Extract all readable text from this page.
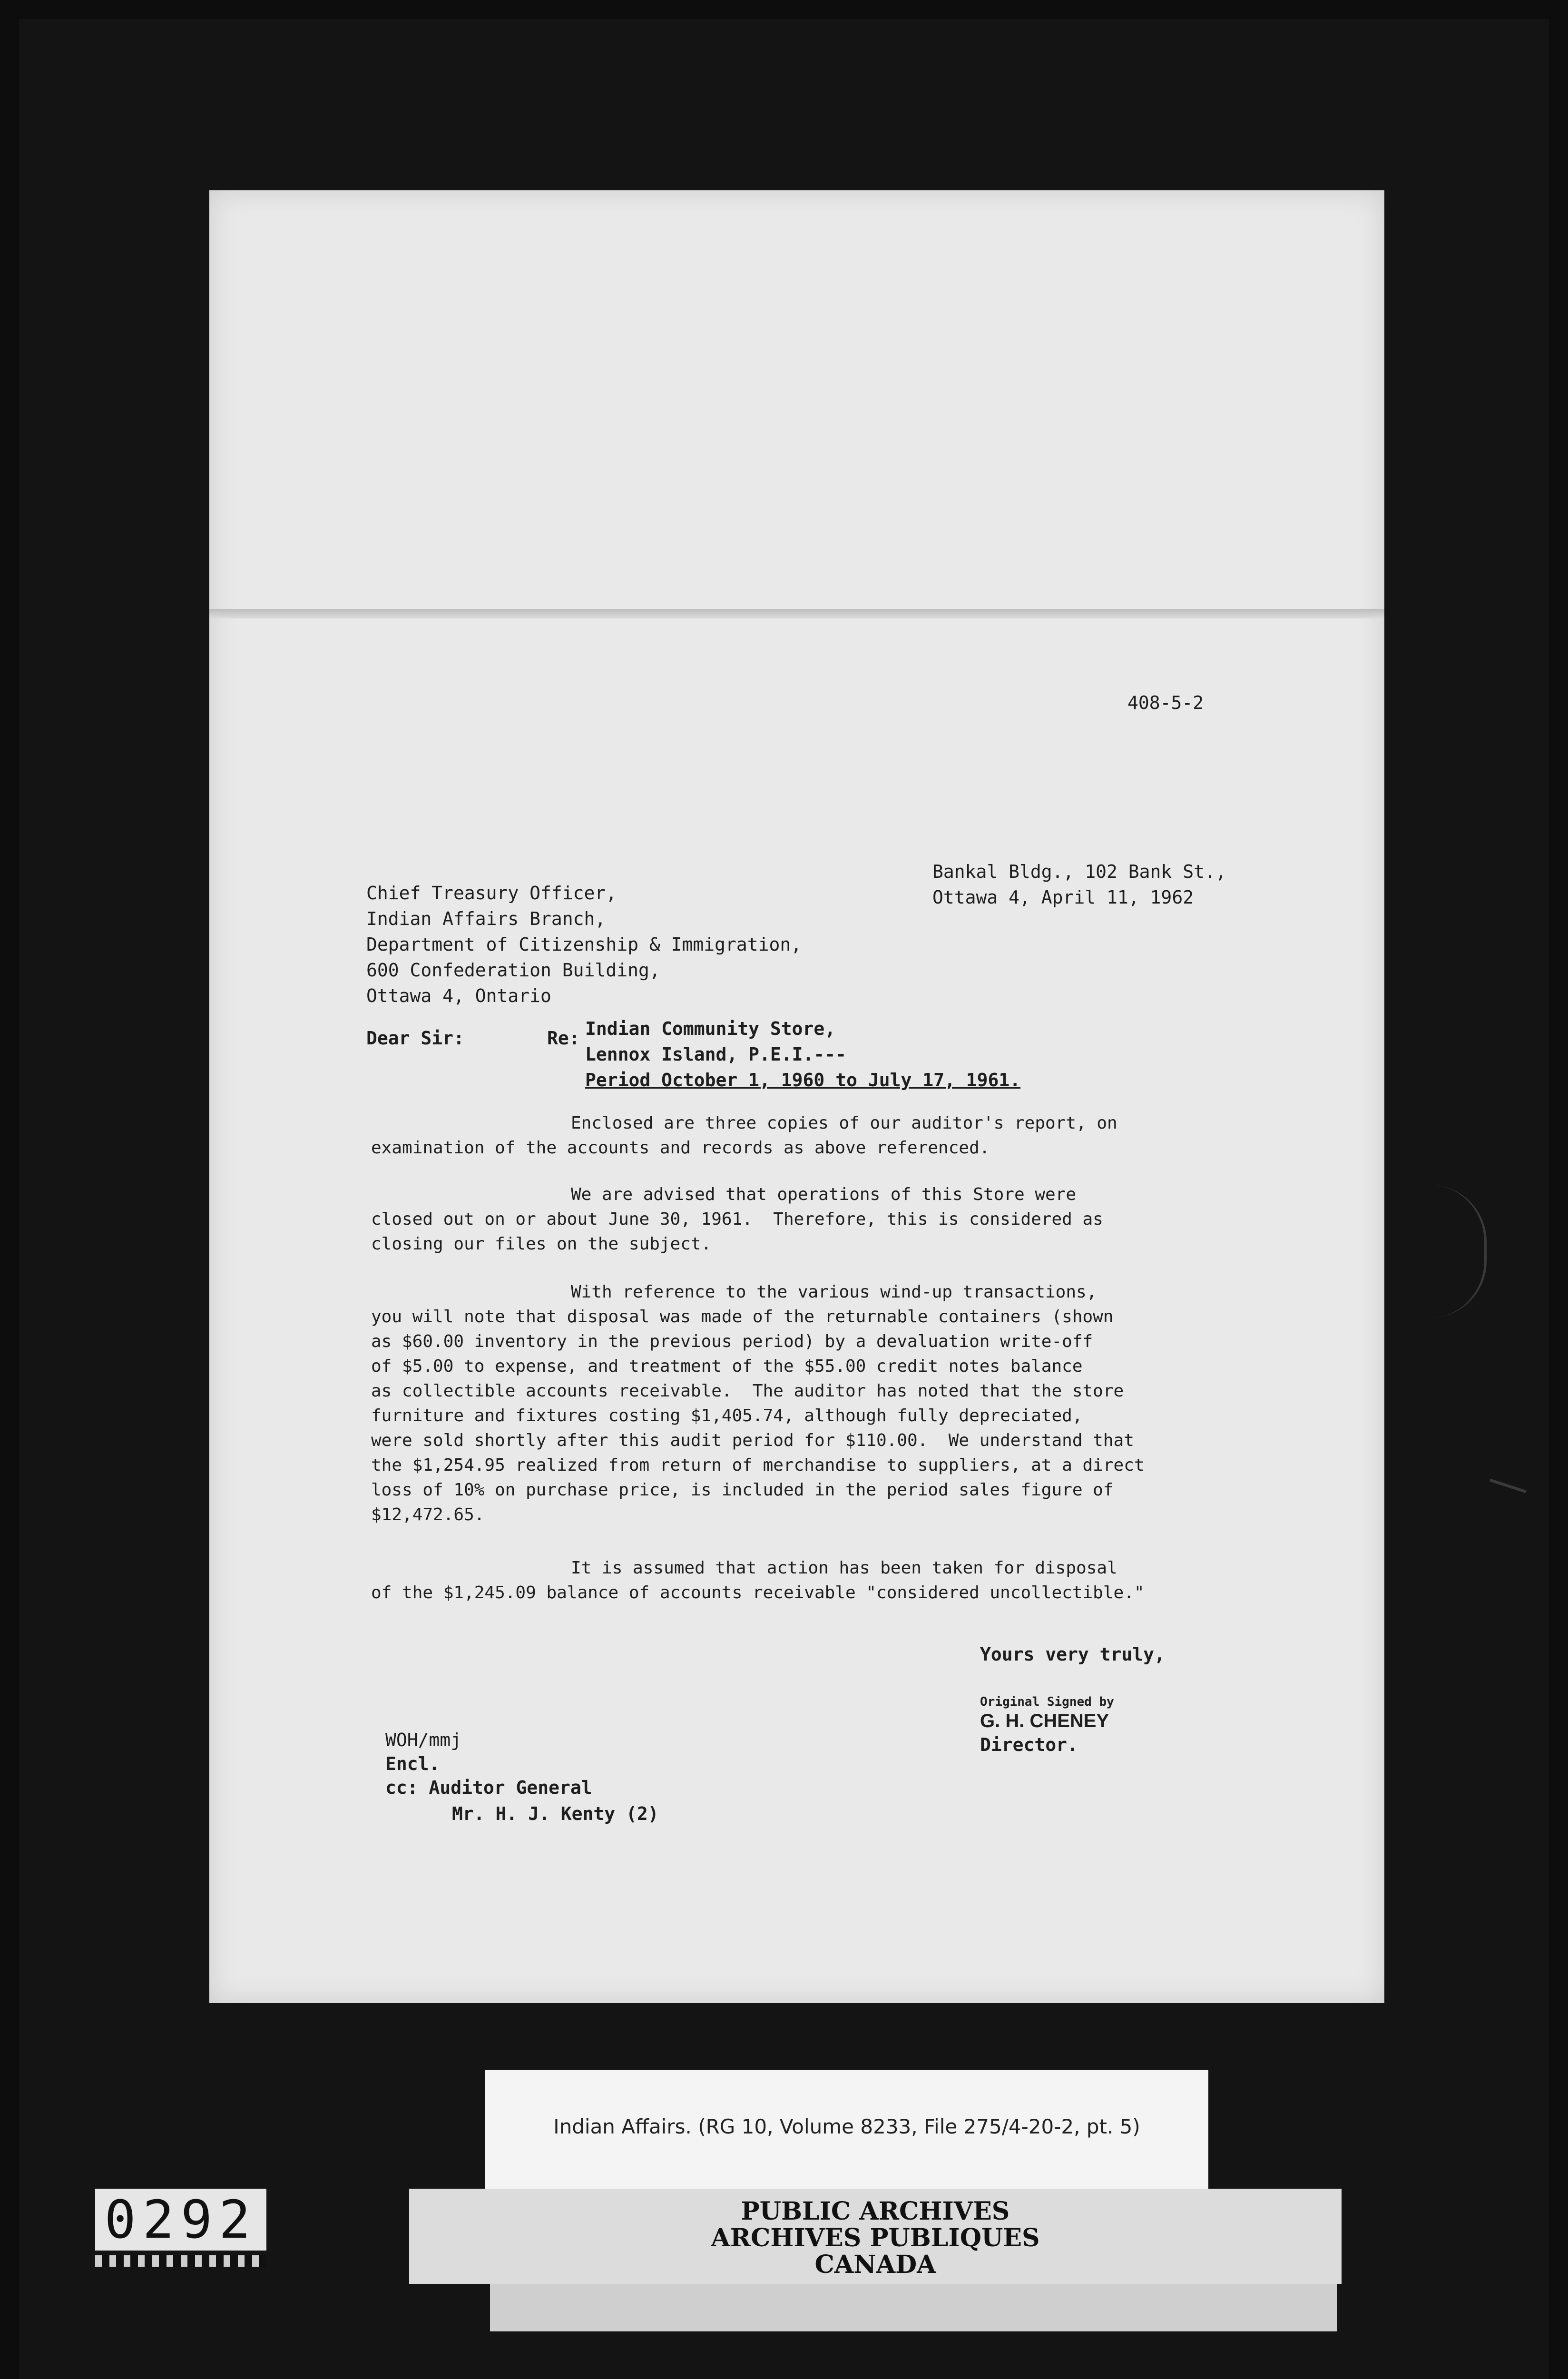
408-5-2
Bankal Bldg., 102 Bank St.,
Ottawa 4, April 11, 1962
Chief Treasury Officer,
Indian Affairs Branch,
Department of Citizenship & Immigration,
600 Confederation Building,
Ottawa 4, Ontario
Dear Sir:	Re: Indian Community Store,
Lennox Island, P.E.I.---
Period October 1, 1960 to July 17, 1961.
Enclosed are three copies of our auditor's report, on
examination of the accounts and records as above referenced.
We are advised that operations of this Store were
closed out on or about June 30, 1961.  Therefore, this is considered as
closing our files on the subject.
With reference to the various wind-up transactions,
you will note that disposal was made of the returnable containers (shown
as $60.00 inventory in the previous period) by a devaluation write-off
of $5.00 to expense, and treatment of the $55.00 credit notes balance
as collectible accounts receivable.  The auditor has noted that the store
furniture and fixtures costing $1,405.74, although fully depreciated,
were sold shortly after this audit period for $110.00.  We understand that
the $1,254.95 realized from return of merchandise to suppliers, at a direct
loss of 10% on purchase price, is included in the period sales figure of
$12,472.65.
It is assumed that action has been taken for disposal
of the $1,245.09 balance of accounts receivable "considered uncollectible."
Yours very truly,
Original Signed by
G. H. CHENEY
Director.
WOH/mmj
Encl.
cc: Auditor General
Mr. H. J. Kenty (2)
Indian Affairs. (RG 10, Volume 8233, File 275/4-20-2, pt. 5)
PUBLIC ARCHIVES
ARCHIVES PUBLIQUES
CANADA
0292
